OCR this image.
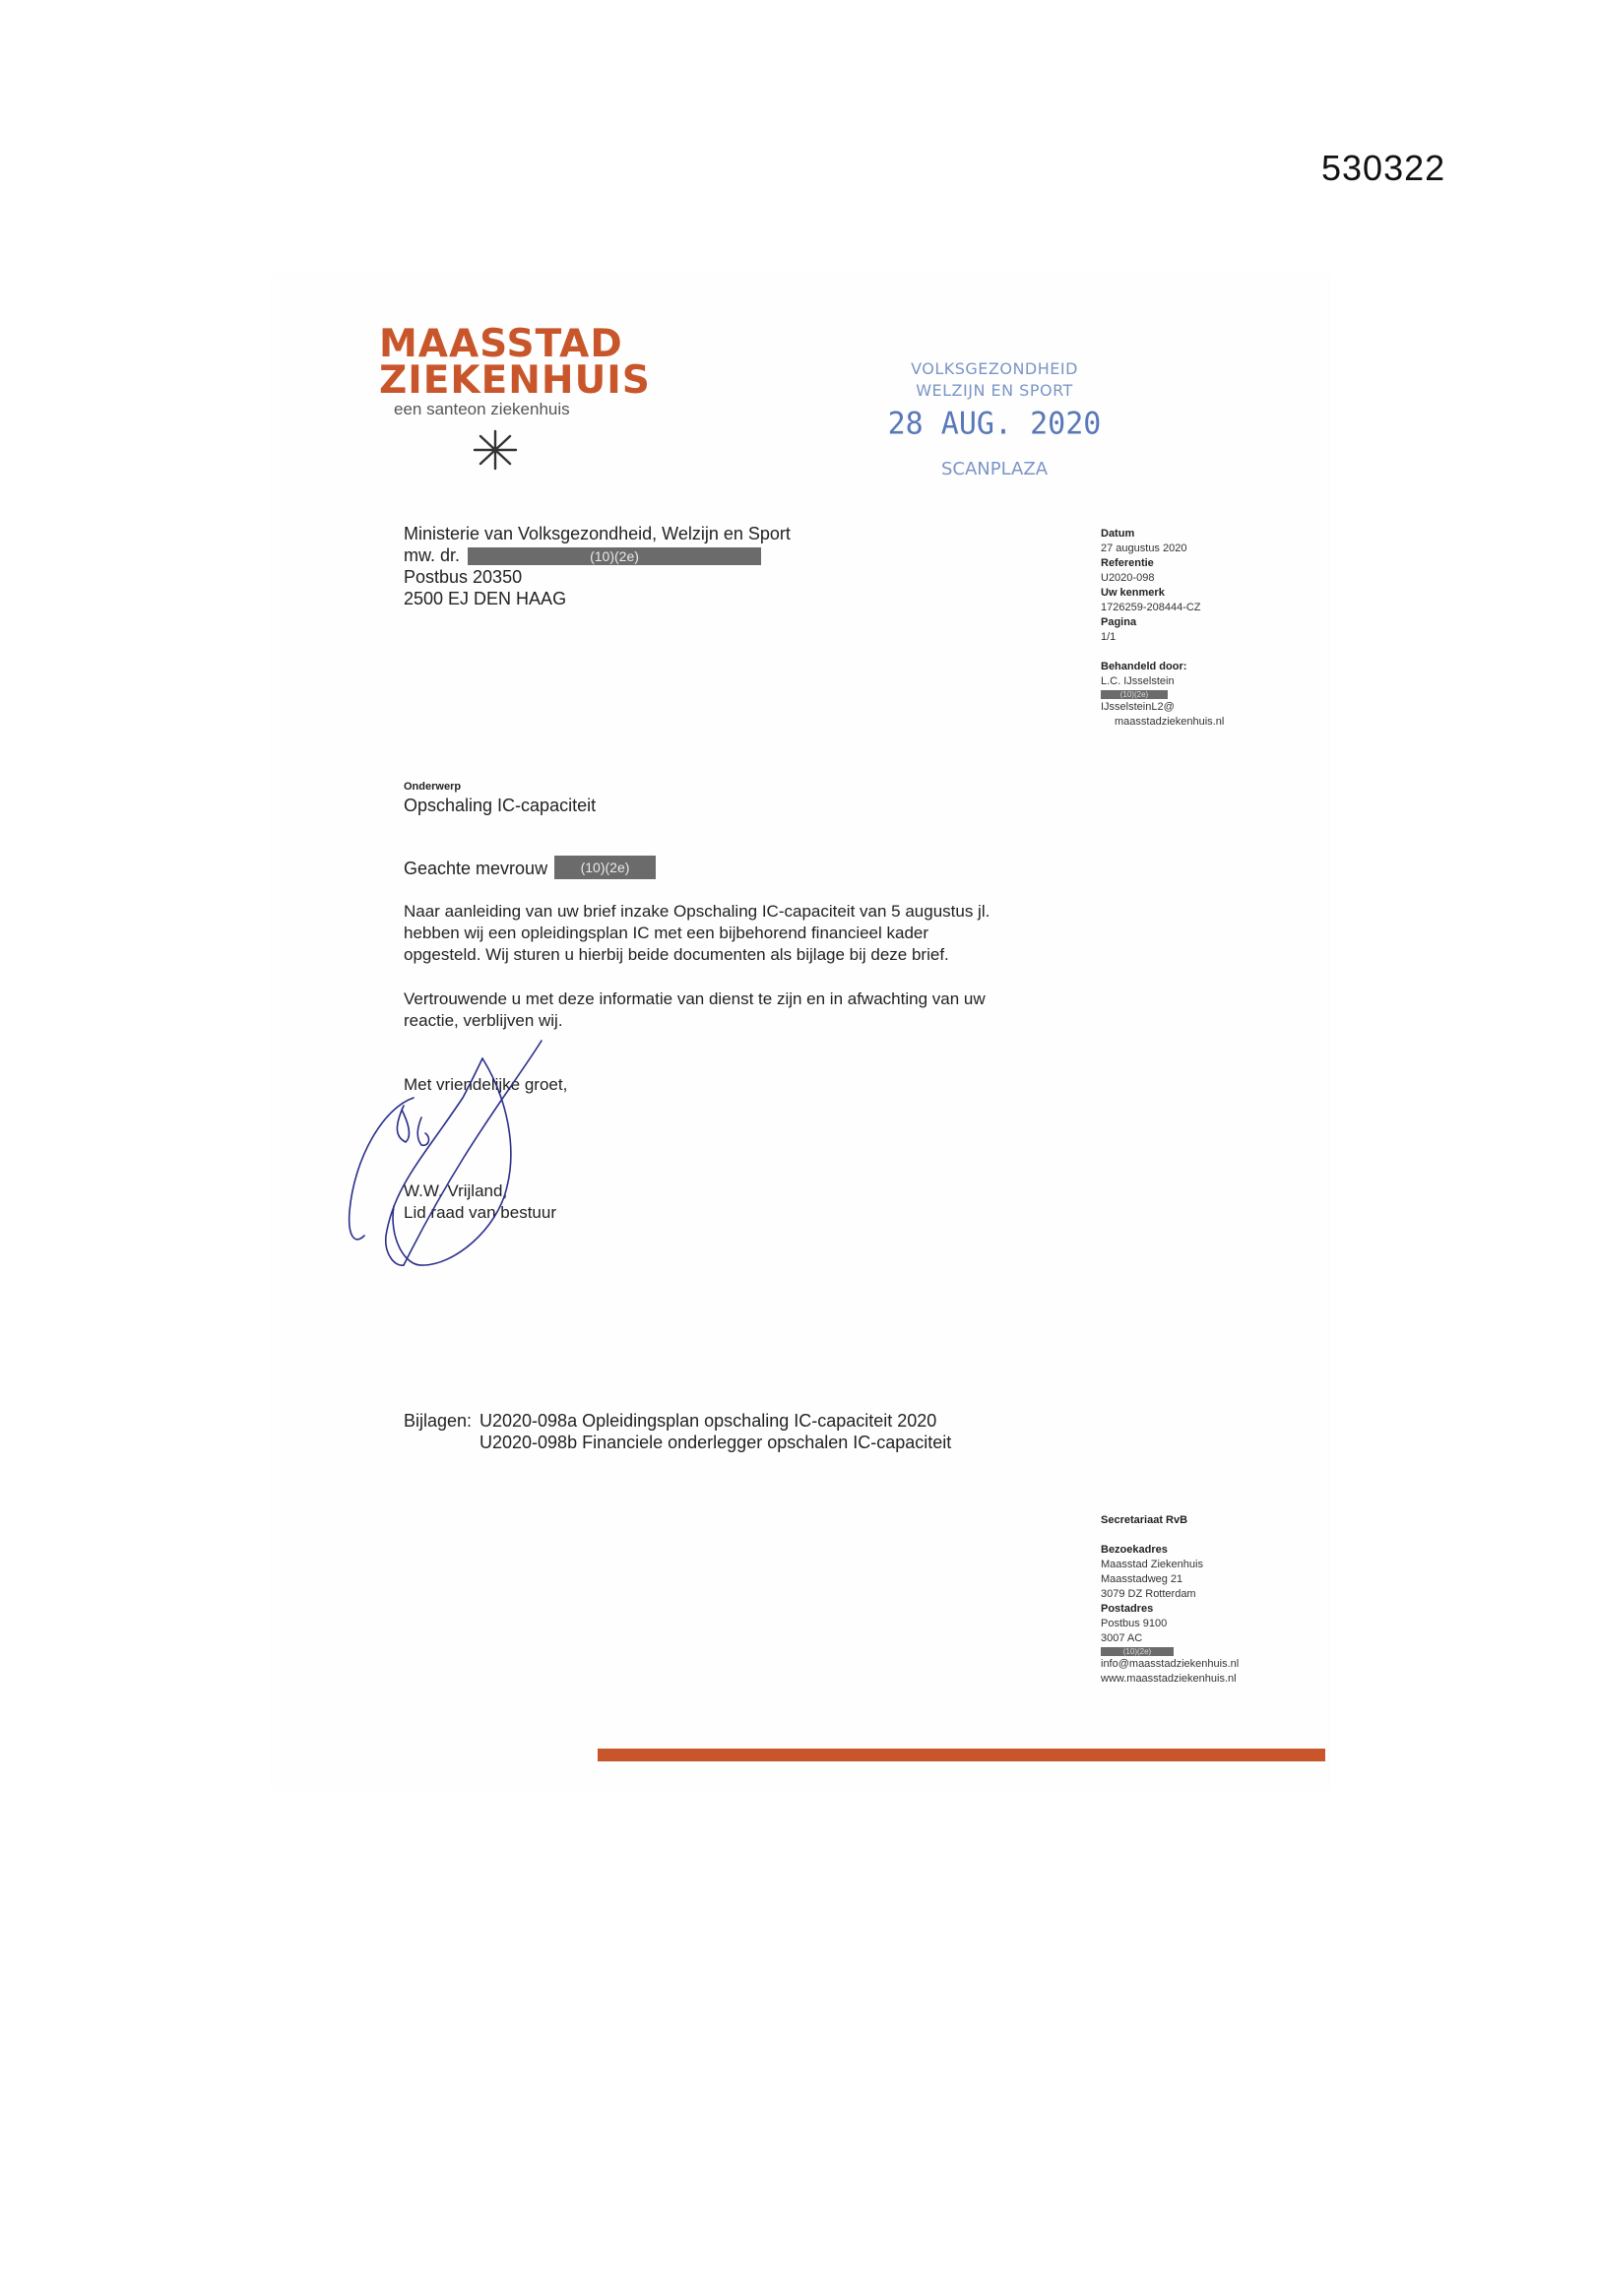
530322
MAASSTAD
ZIEKENHUIS
een santeon ziekenhuis
VOLKSGEZONDHEID
WELZIJN EN SPORT
28 AUG. 2020
SCANPLAZA
Ministerie van Volksgezondheid, Welzijn en Sport
mw. dr.	(10)(2e)
Postbus 20350
2500 EJ DEN HAAG
Datum
27 augustus 2020
Referentie
U2020-098
Uw kenmerk
1726259-208444-CZ
Pagina
1/1
Behandeld door:
L.C. IJsselstein
(10)(2e)
IJsselsteinL2@
maasstadziekenhuis.nl
Onderwerp
Opschaling IC-capaciteit
Geachte mevrouw	(10)(2e)
Naar aanleiding van uw brief inzake Opschaling IC-capaciteit van 5 augustus jl.
hebben wij een opleidingsplan IC met een bijbehorend financieel kader
opgesteld. Wij sturen u hierbij beide documenten als bijlage bij deze brief.
Vertrouwende u met deze informatie van dienst te zijn en in afwachting van uw
reactie, verblijven wij.
Met vriendelijke groet,
W.W. Vrijland,
Lid raad van bestuur
Bijlagen: U2020-098a Opleidingsplan opschaling IC-capaciteit 2020
U2020-098b Financiele onderlegger opschalen IC-capaciteit
Secretariaat RvB

Bezoekadres
Maasstad Ziekenhuis
Maasstadweg 21
3079 DZ Rotterdam
Postadres
Postbus 9100
3007 AC
(10)(2e)
info@maasstadziekenhuis.nl
www.maasstadziekenhuis.nl
